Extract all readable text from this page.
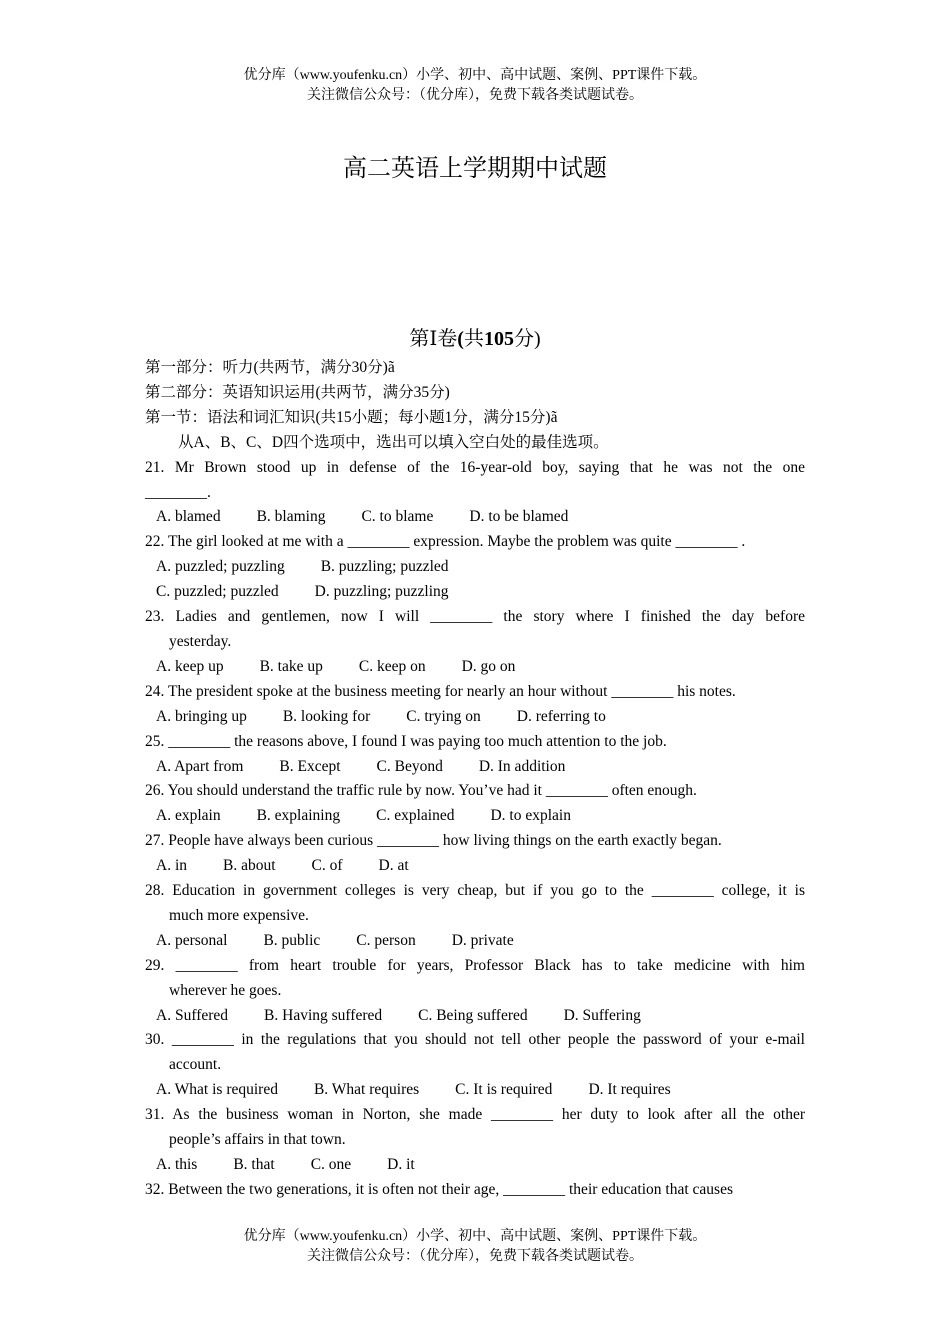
优分库（www.youfenku.cn）小学、初中、高中试题、案例、PPT课件下载。
关注微信公众号：（优分库），免费下载各类试题试卷。
高二英语上学期期中试题
第Ⅰ卷(共105分)
第一部分：听力(共两节，满分30分)ã
第二部分：英语知识运用(共两节，满分35分)
第一节：语法和词汇知识(共15小题；每小题1分，满分15分)ã
从A、B、C、D四个选项中，选出可以填入空白处的最佳选项。
21. Mr Brown stood up in defense of the 16-year-old boy, saying that he was not the one
________.
A. blamed B. blaming C. to blame D. to be blamed
22. The girl looked at me with a ________ expression. Maybe the problem was quite ________ .
A. puzzled; puzzling B. puzzling; puzzled
C. puzzled; puzzled D. puzzling; puzzling
23. Ladies and gentlemen, now I will ________ the story where I finished the day before
yesterday.
A. keep up B. take up C. keep on D. go on
24. The president spoke at the business meeting for nearly an hour without ________ his notes.
A. bringing up B. looking for C. trying on D. referring to
25. ________ the reasons above, I found I was paying too much attention to the job.
A. Apart from B. Except C. Beyond D. In addition
26. You should understand the traffic rule by now. You’ve had it ________ often enough.
A. explain B. explaining C. explained D. to explain
27. People have always been curious ________ how living things on the earth exactly began.
A. in B. about C. of D. at
28. Education in government colleges is very cheap, but if you go to the ________ college, it is
much more expensive.
A. personal B. public C. person D. private
29. ________ from heart trouble for years, Professor Black has to take medicine with him
wherever he goes.
A. Suffered B. Having suffered C. Being suffered D. Suffering
30. ________ in the regulations that you should not tell other people the password of your e-mail
account.
A. What is required B. What requires C. It is required D. It requires
31. As the business woman in Norton, she made ________ her duty to look after all the other
people’s affairs in that town.
A. this B. that C. one D. it
32. Between the two generations, it is often not their age, ________ their education that causes
优分库（www.youfenku.cn）小学、初中、高中试题、案例、PPT课件下载。
关注微信公众号：（优分库），免费下载各类试题试卷。
